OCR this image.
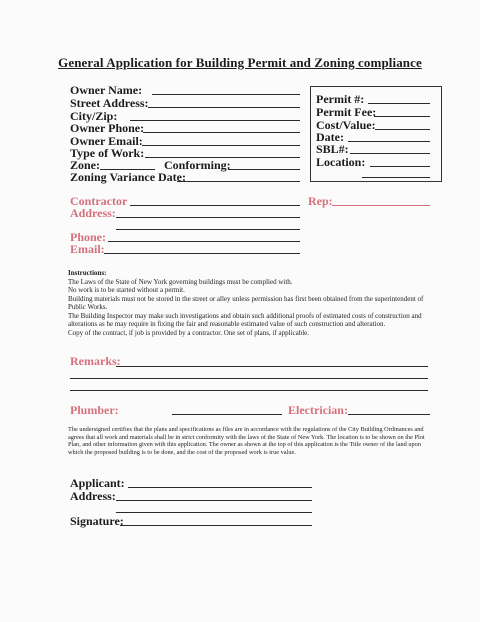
General Application for Building Permit and Zoning compliance
Owner Name:
Street Address:
City/Zip:
Owner Phone:
Owner Email:
Type of Work:
Zone:	Conforming:
Zoning Variance Date:
Permit #:
Permit Fee:
Cost/Value:
Date:
SBL#:
Location:
Contractor	Rep:
Address:
Phone:
Email:

Instructions:

The Laws of the State of New York governing buildings must be complied with.

No work is to be started without a permit.

Building materials must not be stored in the street or alley unless permission has first been obtained from the superintendent of Public Works.

The Building Inspector may make such investigations and obtain such additional proofs of estimated costs of construction and alterations as he may require in fixing the fair and reasonable estimated value of such construction and alteration.

Copy of the contract, if job is provided by a contractor. One set of plans, if applicable.

Remarks:
Plumber:	Electrician:
The undersigned certifies that the plans and specifications as files are in accordance with the regulations of the City Building Ordinances and agrees that all work and materials shall be in strict conformity with the laws of the State of New York. The location is to be shown on the Plot Plan, and other information given with this application. The owner as shown at the top of this application is the Title owner of the land upon which the proposed building is to be done, and the cost of the proposed work is true value.
Applicant:
Address:
Signature:
